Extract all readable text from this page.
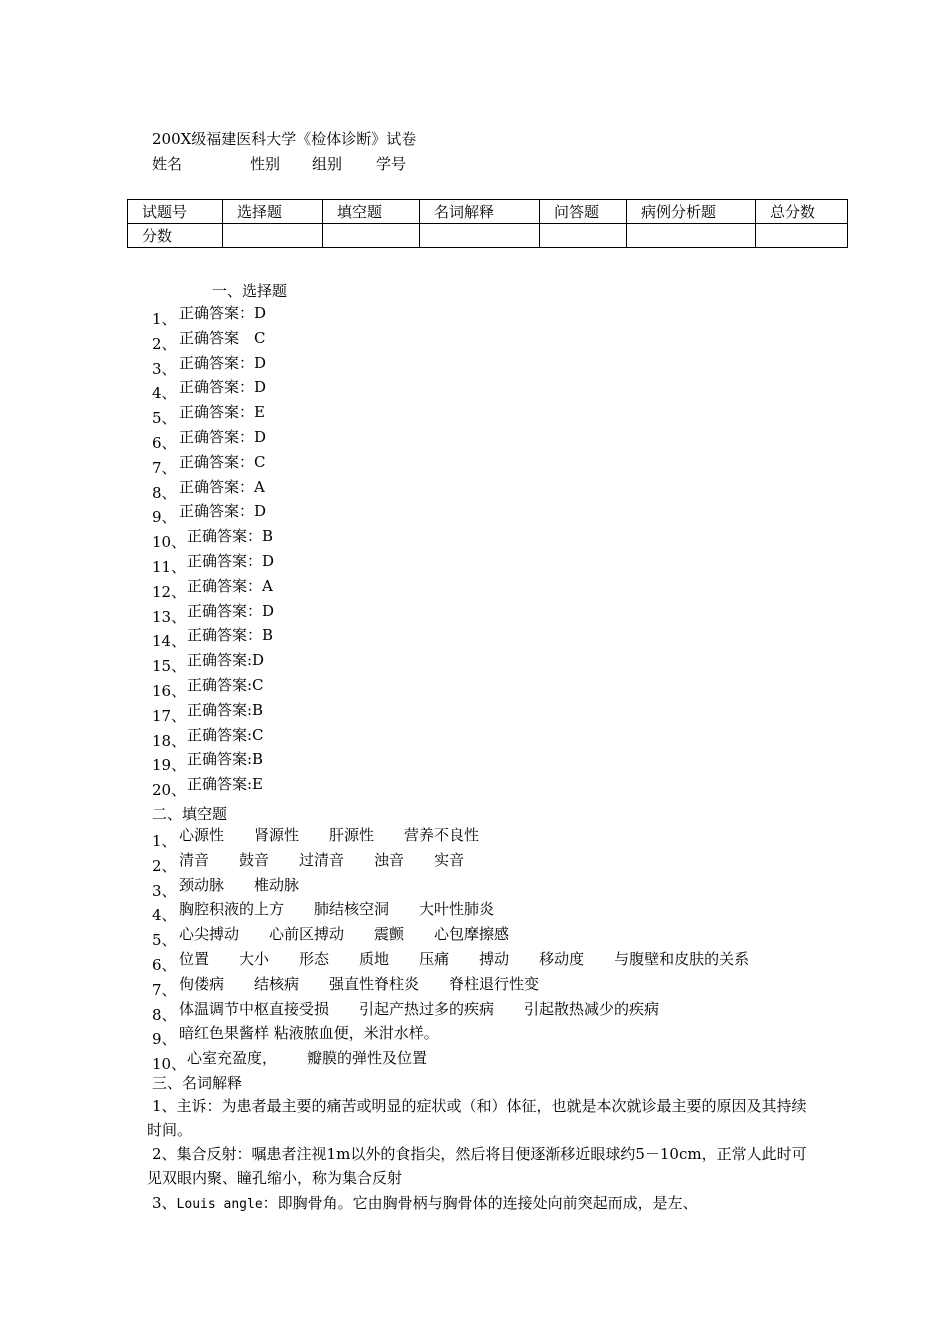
200X级福建医科大学《检体诊断》试卷
姓名	性别 组别 学号
试题号	选择题	填空题	名词解释	问答题	病例分析题	总分数
分数						
一、选择题
1、 正确答案：D
2、 正确答案　C
3、 正确答案：D
4、 正确答案：D
5、 正确答案：E
6、 正确答案：D
7、 正确答案：C
8、 正确答案：A
9、 正确答案：D
10、 正确答案：B
11、 正确答案：D
12、 正确答案：A
13、 正确答案：D
14、 正确答案：B
15、 正确答案:D
16、 正确答案:C
17、 正确答案:B
18、 正确答案:C
19、 正确答案:B
20、 正确答案:E
二、填空题
1、 心源性 肾源性 肝源性 营养不良性
2、 清音 鼓音 过清音 浊音 实音
3、 颈动脉 椎动脉
4、 胸腔积液的上方 肺结核空洞 大叶性肺炎
5、 心尖搏动 心前区搏动 震颤 心包摩擦感
6、 位置 大小 形态 质地 压痛 搏动 移动度 与腹壁和皮肤的关系
7、 佝偻病 结核病 强直性脊柱炎 脊柱退行性变
8、 体温调节中枢直接受损 引起产热过多的疾病 引起散热减少的疾病
9、 暗红色果酱样 粘液脓血便，米泔水样。
10、 心室充盈度， 瓣膜的弹性及位置
三、名词解释
1、主诉：为患者最主要的痛苦或明显的症状或（和）体征，也就是本次就诊最主要的原因及其持续时间。
2、集合反射：嘱患者注视1m以外的食指尖，然后将目便逐渐移近眼球约5－10cm，正常人此时可见双眼内聚、瞳孔缩小，称为集合反射
3、Louis angle：即胸骨角。它由胸骨柄与胸骨体的连接处向前突起而成，是左、
